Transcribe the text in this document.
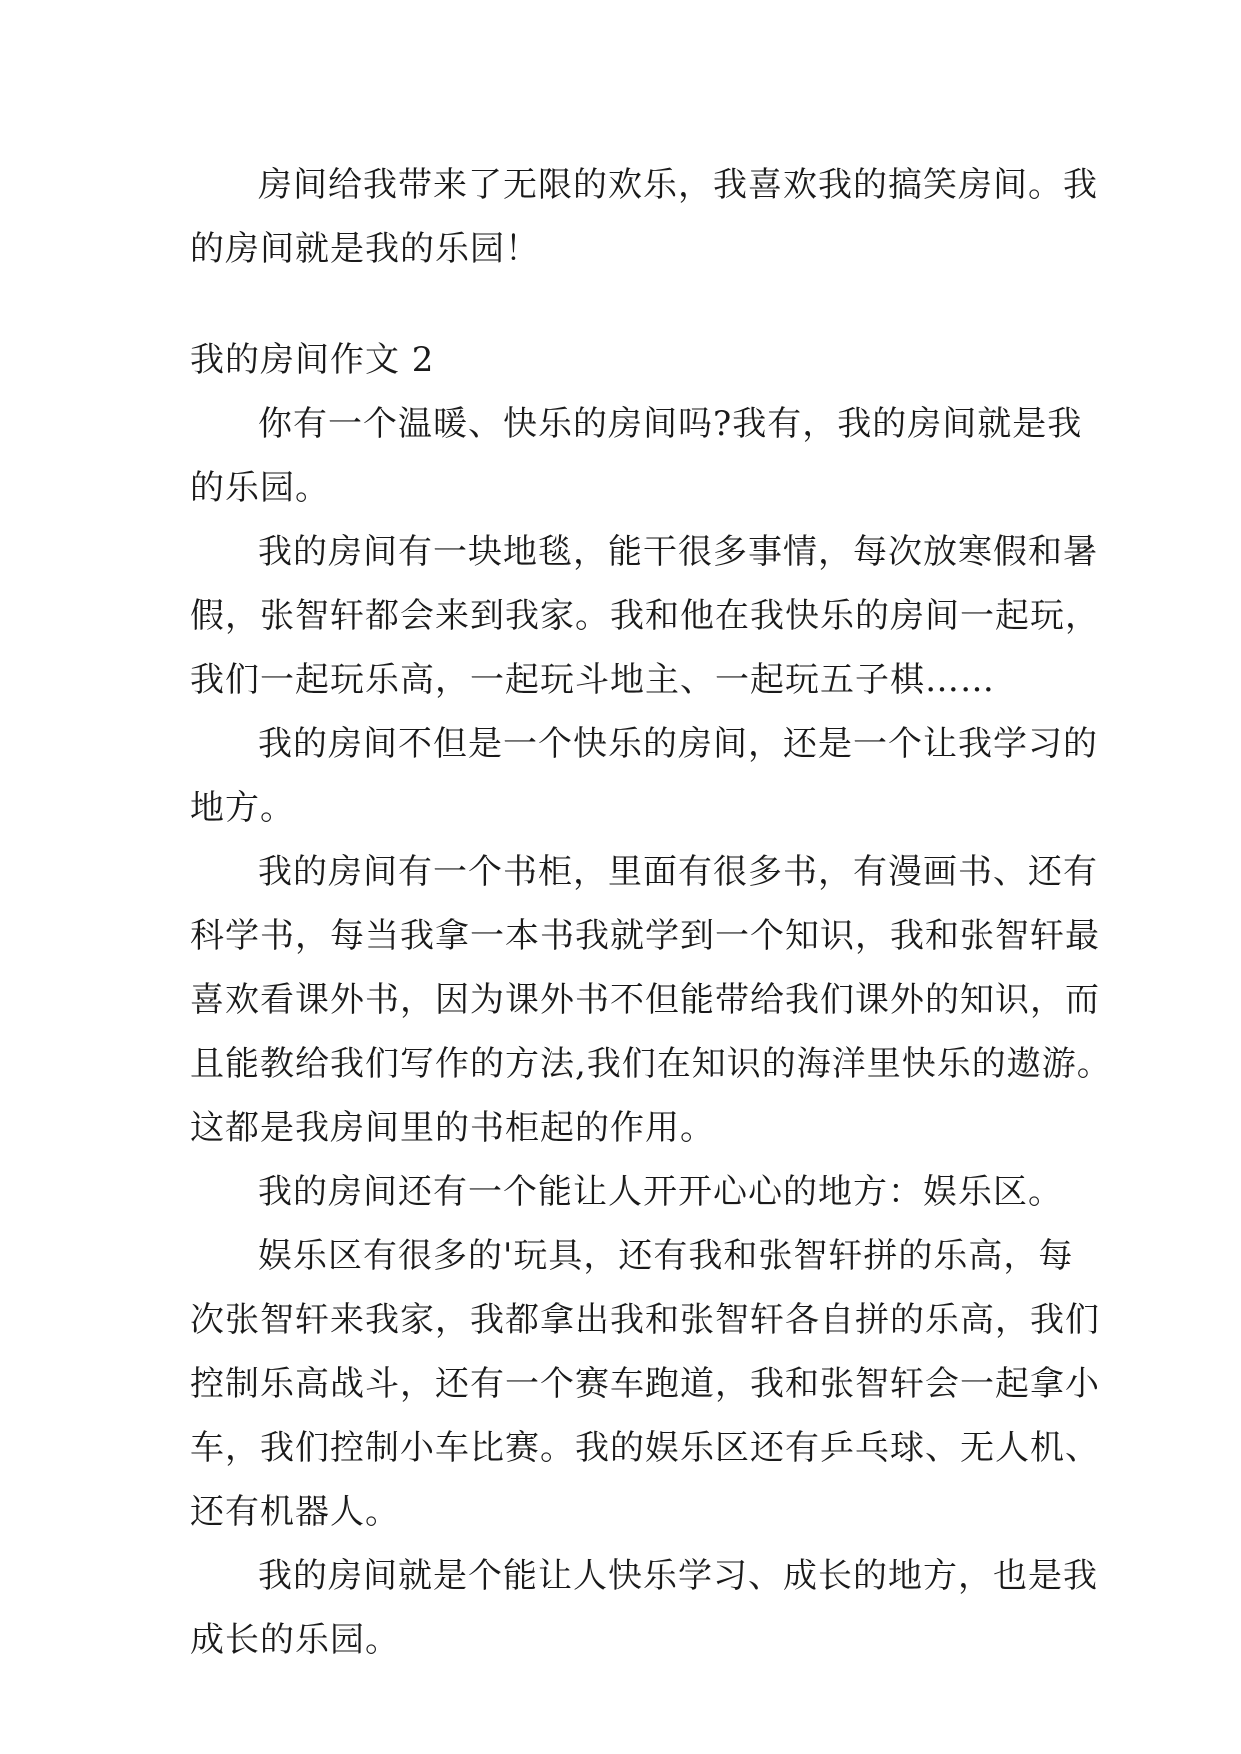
房间给我带来了无限的欢乐，我喜欢我的搞笑房间。我
的房间就是我的乐园！
我的房间作文 2
你有一个温暖、快乐的房间吗?我有，我的房间就是我
的乐园。
我的房间有一块地毯，能干很多事情，每次放寒假和暑
假，张智轩都会来到我家。我和他在我快乐的房间一起玩，
我们一起玩乐高，一起玩斗地主、一起玩五子棋……
我的房间不但是一个快乐的房间，还是一个让我学习的
地方。
我的房间有一个书柜，里面有很多书，有漫画书、还有
科学书，每当我拿一本书我就学到一个知识，我和张智轩最
喜欢看课外书，因为课外书不但能带给我们课外的知识，而
且能教给我们写作的方法,我们在知识的海洋里快乐的遨游。
这都是我房间里的书柜起的作用。
我的房间还有一个能让人开开心心的地方：娱乐区。
娱乐区有很多的'玩具，还有我和张智轩拼的乐高，每
次张智轩来我家，我都拿出我和张智轩各自拼的乐高，我们
控制乐高战斗，还有一个赛车跑道，我和张智轩会一起拿小
车，我们控制小车比赛。我的娱乐区还有乒乓球、无人机、
还有机器人。
我的房间就是个能让人快乐学习、成长的地方，也是我
成长的乐园。
